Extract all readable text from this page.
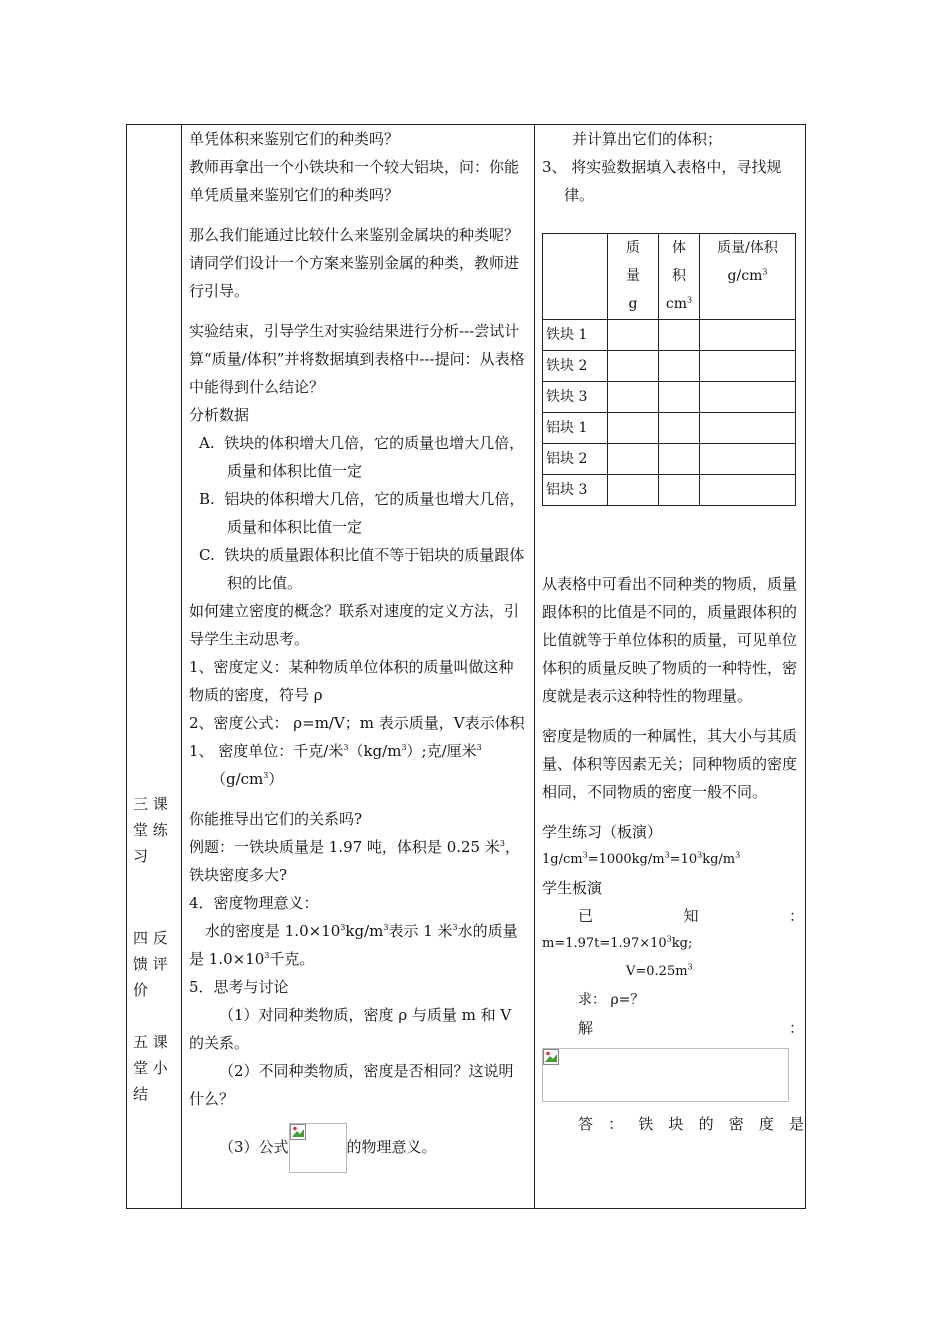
三 课

堂 练

习

四 反

馈 评

价

五 课

堂 小

结

单凭体积来鉴别它们的种类吗？

教师再拿出一个小铁块和一个较大铝块，问：你能单凭质量来鉴别它们的种类吗？

那么我们能通过比较什么来鉴别金属块的种类呢？请同学们设计一个方案来鉴别金属的种类，教师进行引导。

实验结束，引导学生对实验结果进行分析---尝试计算“质量/体积”并将数据填到表格中---提问：从表格中能得到什么结论？

分析数据

A. 铁块的体积增大几倍，它的质量也增大几倍，质量和体积比值一定

B. 铝块的体积增大几倍，它的质量也增大几倍，质量和体积比值一定

C. 铁块的质量跟体积比值不等于铝块的质量跟体积的比值。

如何建立密度的概念？联系对速度的定义方法，引导学生主动思考。

1、密度定义：某种物质单位体积的质量叫做这种物质的密度，符号 ρ

2、密度公式： ρ=m/V；m 表示质量，V表示体积

1、 密度单位：千克/米$^3(kg/m^3)$;克/厘米$^3(g/cm^3)$

你能推导出它们的关系吗?

例题：一铁块质量是 1.97 吨，体积是 0.25 米$^3$，铁块密度多大?

4．密度物理意义：

水的密度是 $1.0\times 10^3kg/m^3$表示 1 米$^3$水的质量是 $1.0\times 10^3$千克。

5．思考与讨论

（1）对同种类物质，密度 ρ 与质量 m 和 V 的关系。

（2）不同种类物质，密度是否相同？这说明什么？

（3）公式	的物理意义。

并计算出它们的体积；

3、 将实验数据填入表格中，寻找规律。

	质
量
g	体
积
$cm^3$	质量/体积
$g/cm^3$
铁块 1			
铁块 2			
铁块 3			
铝块 1			
铝块 2			
铝块 3			

从表格中可看出不同种类的物质，质量跟体积的比值是不同的，质量跟体积的比值就等于单位体积的质量，可见单位体积的质量反映了物质的一种特性，密度就是表示这种特性的物理量。

密度是物质的一种属性，其大小与其质量、体积等因素无关；同种物质的密度相同，不同物质的密度一般不同。

学生练习（板演）

$1g/cm^3=1000kg/m^3=10^3kg/m^3$

学生板演

已	知	：

$m=1.97t=1.97\times 10^3kg$;

$V=0.25m^3$

求： ρ=？

解	：
答 ： 铁 块 的 密 度 是
